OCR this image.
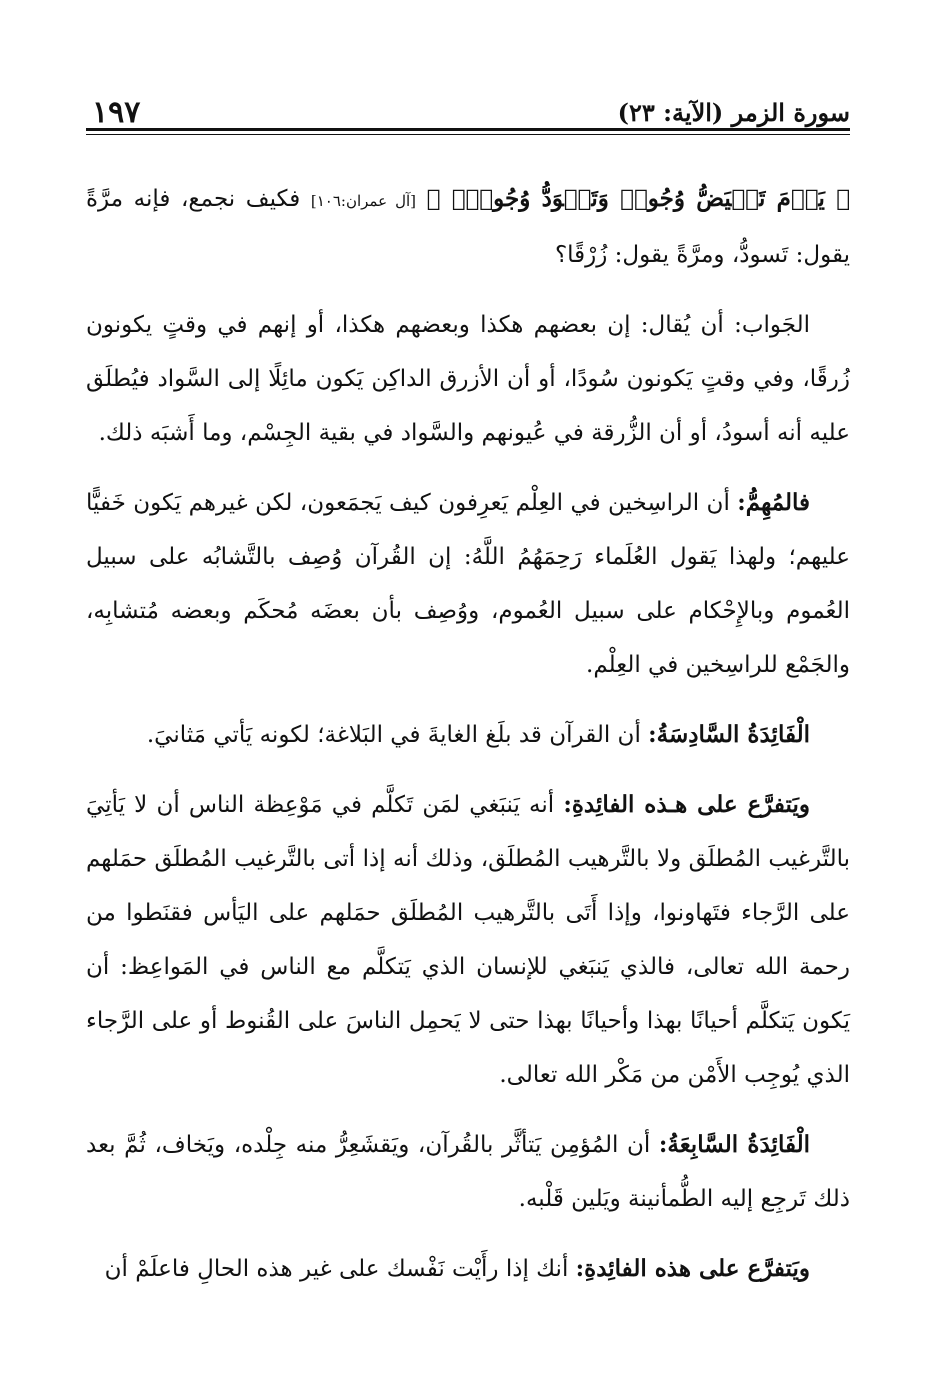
١٩٧	سورة الزمر (الآية: ٢٣)

﴿ يَوۡمَ تَبۡيَضُّ وُجُوهٞ وَتَسۡوَدُّ وُجُوهٞۚ ﴾ [آل عمران:١٠٦] فكيف نجمع، فإنه مرَّةً يقول: تَسودُّ، ومرَّةً يقول: زُرْقًا؟

الجَواب: أن يُقال: إن بعضهم هكذا وبعضهم هكذا، أو إنهم في وقتٍ يكونون زُرقًا، وفي وقتٍ يَكونون سُودًا، أو أن الأزرق الداكِن يَكون مائِلًا إلى السَّواد فيُطلَق عليه أنه أسودُ، أو أن الزُّرقة في عُيونهم والسَّواد في بقية الجِسْم، وما أَشبَه ذلك.

فالمُهِمُّ: أن الراسِخين في العِلْم يَعرِفون كيف يَجمَعون، لكن غيرهم يَكون خَفيًّا عليهم؛ ولهذا يَقول العُلَماء رَحِمَهُمُ اللَّهُ: إن القُرآن وُصِف بالتَّشابُه على سبيل العُموم وبالإِحْكام على سبيل العُموم، ووُصِف بأن بعضَه مُحكَم وبعضه مُتشابِه، والجَمْع للراسِخين في العِلْم.

الْفَائِدَةُ السَّادِسَةُ: أن القرآن قد بلَغ الغايةَ في البَلاغة؛ لكونه يَأتي مَثانيَ.

ويَتفرَّع على هـذه الفائِدةِ: أنه يَنبَغي لمَن تَكلَّم في مَوْعِظة الناس أن لا يَأتِيَ بالتَّرغيب المُطلَق ولا بالتَّرهيب المُطلَق، وذلك أنه إذا أتى بالتَّرغيب المُطلَق حمَلهم على الرَّجاء فتَهاونوا، وإذا أَتَى بالتَّرهيب المُطلَق حمَلهم على اليَأس فقنَطوا من رحمة الله تعالى، فالذي يَنبَغي للإنسان الذي يَتكلَّم مع الناس في المَواعِظ: أن يَكون يَتكلَّم أحيانًا بهذا وأحيانًا بهذا حتى لا يَحمِل الناسَ على القُنوط أو على الرَّجاء الذي يُوجِب الأَمْن من مَكْر الله تعالى.

الْفَائِدَةُ السَّابِعَةُ: أن المُؤمِن يَتأثَّر بالقُرآن، ويَقشَعِرُّ منه جِلْده، ويَخاف، ثُمَّ بعد ذلك تَرجِع إليه الطُّمأنينة ويَلين قَلْبه.

ويَتفرَّع على هذه الفائِدةِ: أنك إذا رأَيْت نَفْسك على غير هذه الحالِ فاعلَمْ أن
